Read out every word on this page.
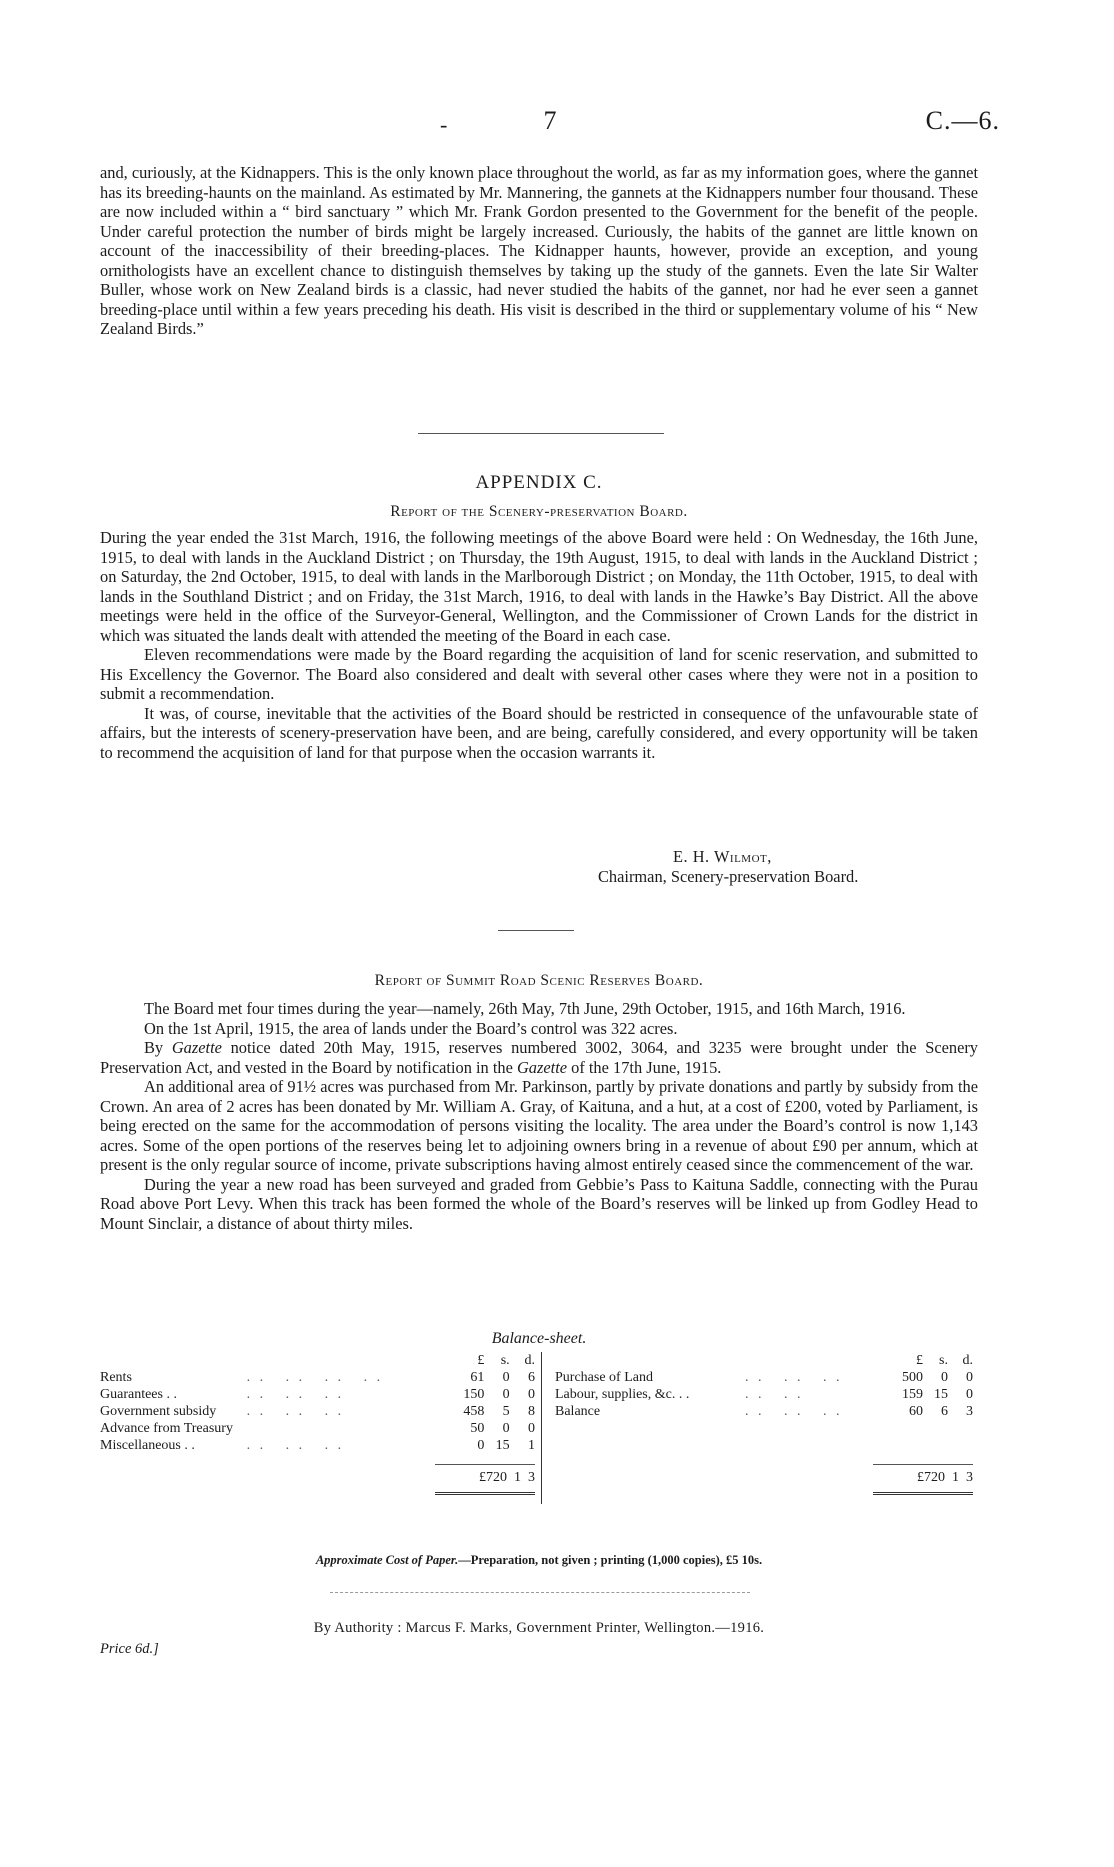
-	7	C.—6.

and, curiously, at the Kidnappers. This is the only known place throughout the world, as far as my information goes, where the gannet has its breeding-haunts on the mainland. As estimated by Mr. Mannering, the gannets at the Kidnappers number four thousand. These are now included within a “ bird sanctuary ” which Mr. Frank Gordon presented to the Government for the benefit of the people. Under careful protection the number of birds might be largely increased. Curiously, the habits of the gannet are little known on account of the inaccessibility of their breeding-places. The Kidnapper haunts, however, provide an exception, and young ornithologists have an excellent chance to distinguish themselves by taking up the study of the gannets. Even the late Sir Walter Buller, whose work on New Zealand birds is a classic, had never studied the habits of the gannet, nor had he ever seen a gannet breeding-place until within a few years preceding his death. His visit is described in the third or supplementary volume of his “ New Zealand Birds.”

APPENDIX C.
Report of the Scenery-preservation Board.

During the year ended the 31st March, 1916, the following meetings of the above Board were held : On Wednesday, the 16th June, 1915, to deal with lands in the Auckland District ; on Thursday, the 19th August, 1915, to deal with lands in the Auckland District ; on Saturday, the 2nd October, 1915, to deal with lands in the Marlborough District ; on Monday, the 11th October, 1915, to deal with lands in the Southland District ; and on Friday, the 31st March, 1916, to deal with lands in the Hawke’s Bay District. All the above meetings were held in the office of the Surveyor-General, Wellington, and the Commissioner of Crown Lands for the district in which was situated the lands dealt with attended the meeting of the Board in each case.

Eleven recommendations were made by the Board regarding the acquisition of land for scenic reservation, and submitted to His Excellency the Governor. The Board also considered and dealt with several other cases where they were not in a position to submit a recommendation.

It was, of course, inevitable that the activities of the Board should be restricted in consequence of the unfavourable state of affairs, but the interests of scenery-preservation have been, and are being, carefully considered, and every opportunity will be taken to recommend the acquisition of land for that purpose when the occasion warrants it.

E. H. Wilmot,
Chairman, Scenery-preservation Board.
Report of Summit Road Scenic Reserves Board.

The Board met four times during the year—namely, 26th May, 7th June, 29th October, 1915, and 16th March, 1916.

On the 1st April, 1915, the area of lands under the Board’s control was 322 acres.

By Gazette notice dated 20th May, 1915, reserves numbered 3002, 3064, and 3235 were brought under the Scenery Preservation Act, and vested in the Board by notification in the Gazette of the 17th June, 1915.

An additional area of 91½ acres was purchased from Mr. Parkinson, partly by private donations and partly by subsidy from the Crown. An area of 2 acres has been donated by Mr. William A. Gray, of Kaituna, and a hut, at a cost of £200, voted by Parliament, is being erected on the same for the accommodation of persons visiting the locality. The area under the Board’s control is now 1,143 acres. Some of the open portions of the reserves being let to adjoining owners bring in a revenue of about £90 per annum, which at present is the only regular source of income, private subscriptions having almost entirely ceased since the commencement of the war.

During the year a new road has been surveyed and graded from Gebbie’s Pass to Kaituna Saddle, connecting with the Purau Road above Port Levy. When this track has been formed the whole of the Board’s reserves will be linked up from Godley Head to Mount Sinclair, a distance of about thirty miles.

Balance-sheet.
		£	s.	d.
Rents	. .   . .   . .   . .	61	0	6
Guarantees . .	. .   . .   . .	150	0	0
Government subsidy	. .   . .   . .	458	5	8
Advance from Treasury		50	0	0
Miscellaneous . .	. .   . .   . .	0	15	1
£720  1  3
		£	s.	d.
Purchase of Land	. .   . .   . .	500	0	0
Labour, supplies, &c. . .	. .   . .	159	15	0
Balance	. .   . .   . .	60	6	3
£720  1  3
Approximate Cost of Paper.—Preparation, not given ; printing (1,000 copies), £5 10s.
By Authority : Marcus F. Marks, Government Printer, Wellington.—1916.
Price 6d.]
